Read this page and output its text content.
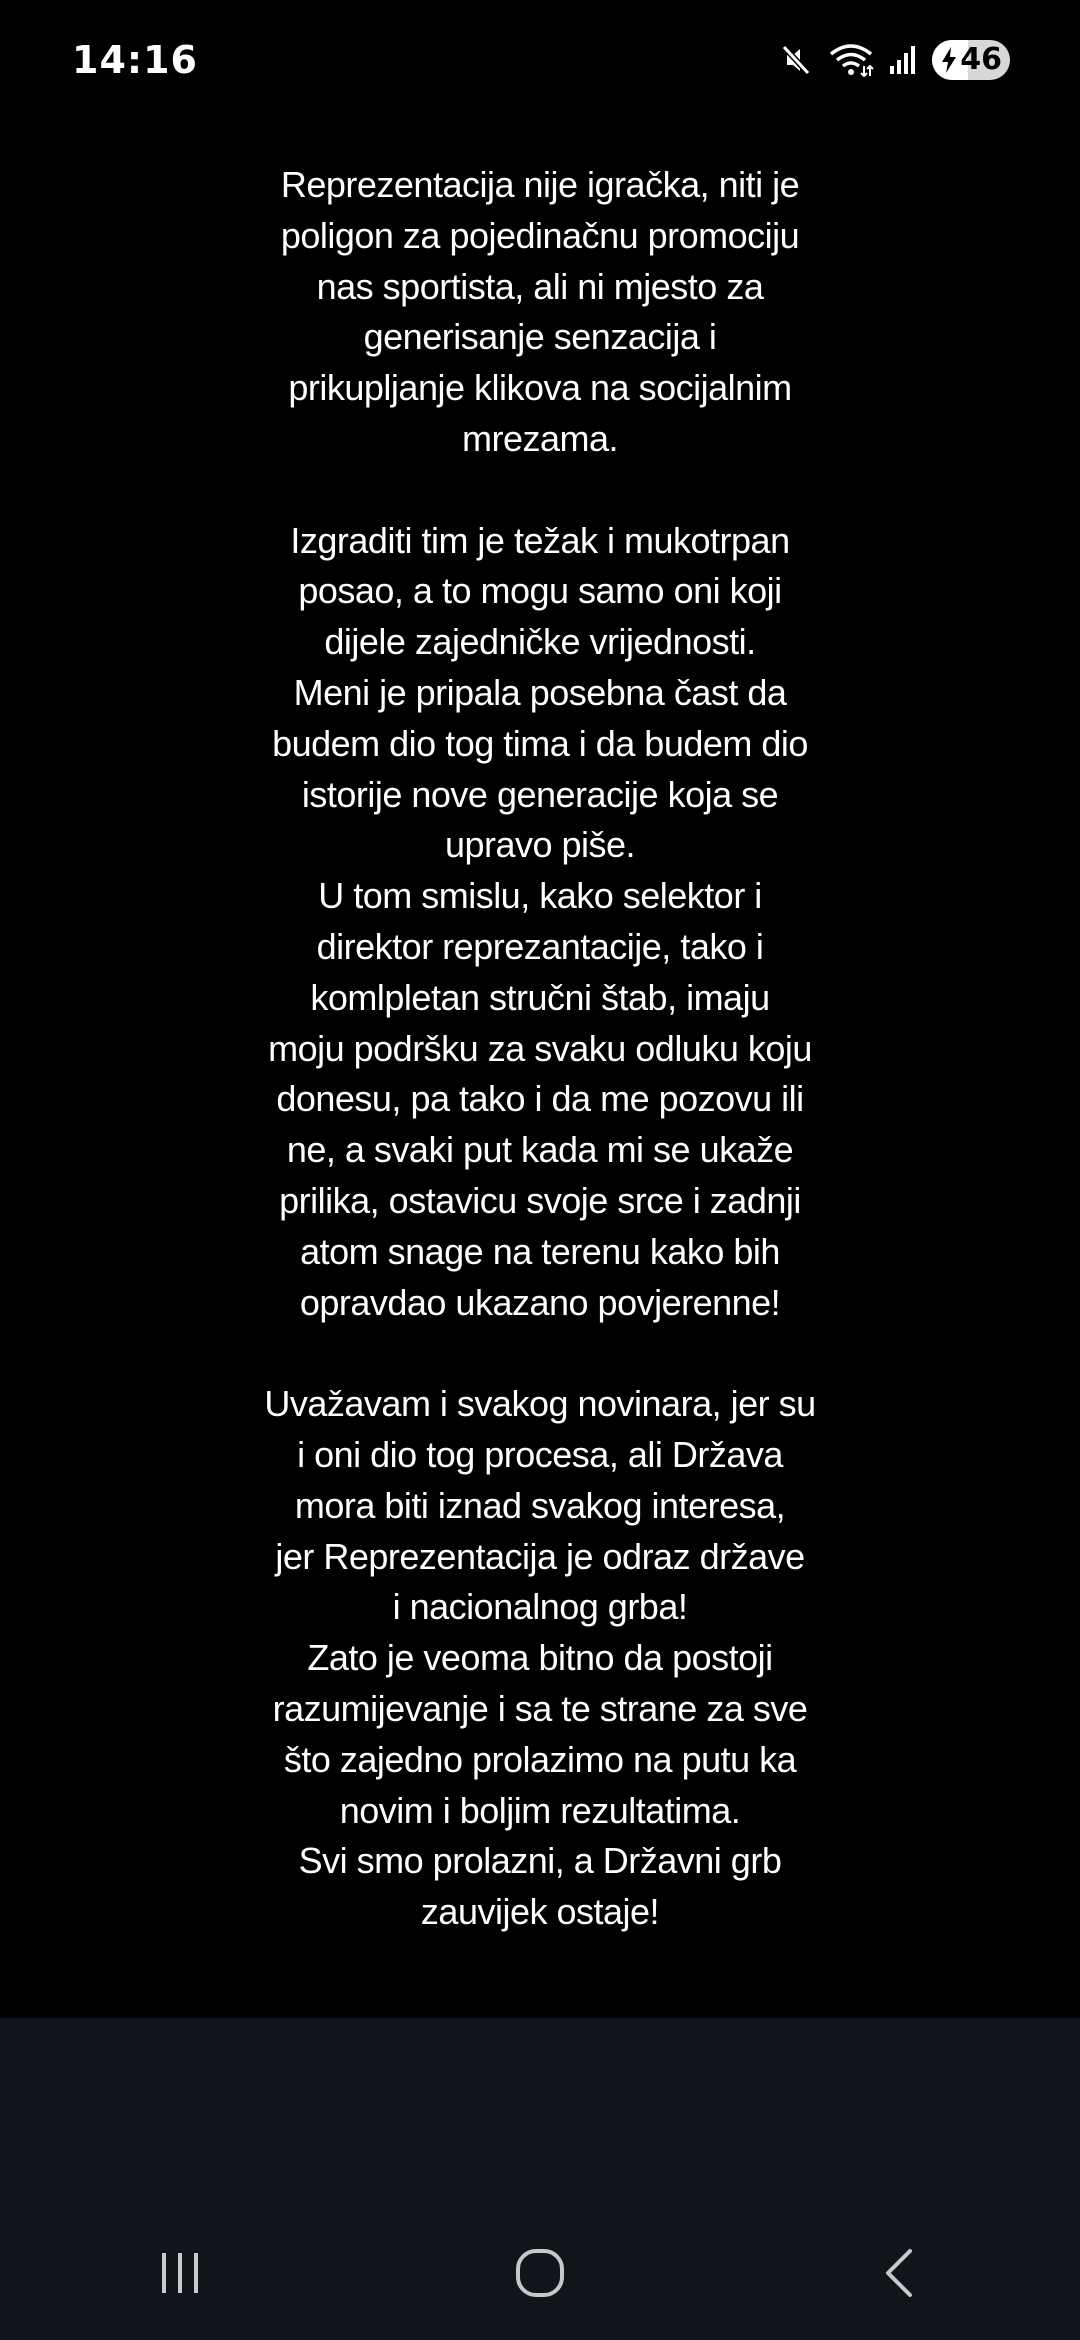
14:16	46

Reprezentacija nije igračka, niti je
poligon za pojedinačnu promociju
nas sportista, ali ni mjesto za
generisanje senzacija i
prikupljanje klikova na socijalnim
mrezama.

Izgraditi tim je težak i mukotrpan
posao, a to mogu samo oni koji
dijele zajedničke vrijednosti.
Meni je pripala posebna čast da
budem dio tog tima i da budem dio
istorije nove generacije koja se
upravo piše.
U tom smislu, kako selektor i
direktor reprezantacije, tako i
komlpletan stručni štab, imaju
moju podršku za svaku odluku koju
donesu, pa tako i da me pozovu ili
ne, a svaki put kada mi se ukaže
prilika, ostavicu svoje srce i zadnji
atom snage na terenu kako bih
opravdao ukazano povjerenne!

Uvažavam i svakog novinara, jer su
i oni dio tog procesa, ali Država
mora biti iznad svakog interesa,
jer Reprezentacija je odraz države
i nacionalnog grba!
Zato je veoma bitno da postoji
razumijevanje i sa te strane za sve
što zajedno prolazimo na putu ka
novim i boljim rezultatima.
Svi smo prolazni, a Državni grb
zauvijek ostaje!
